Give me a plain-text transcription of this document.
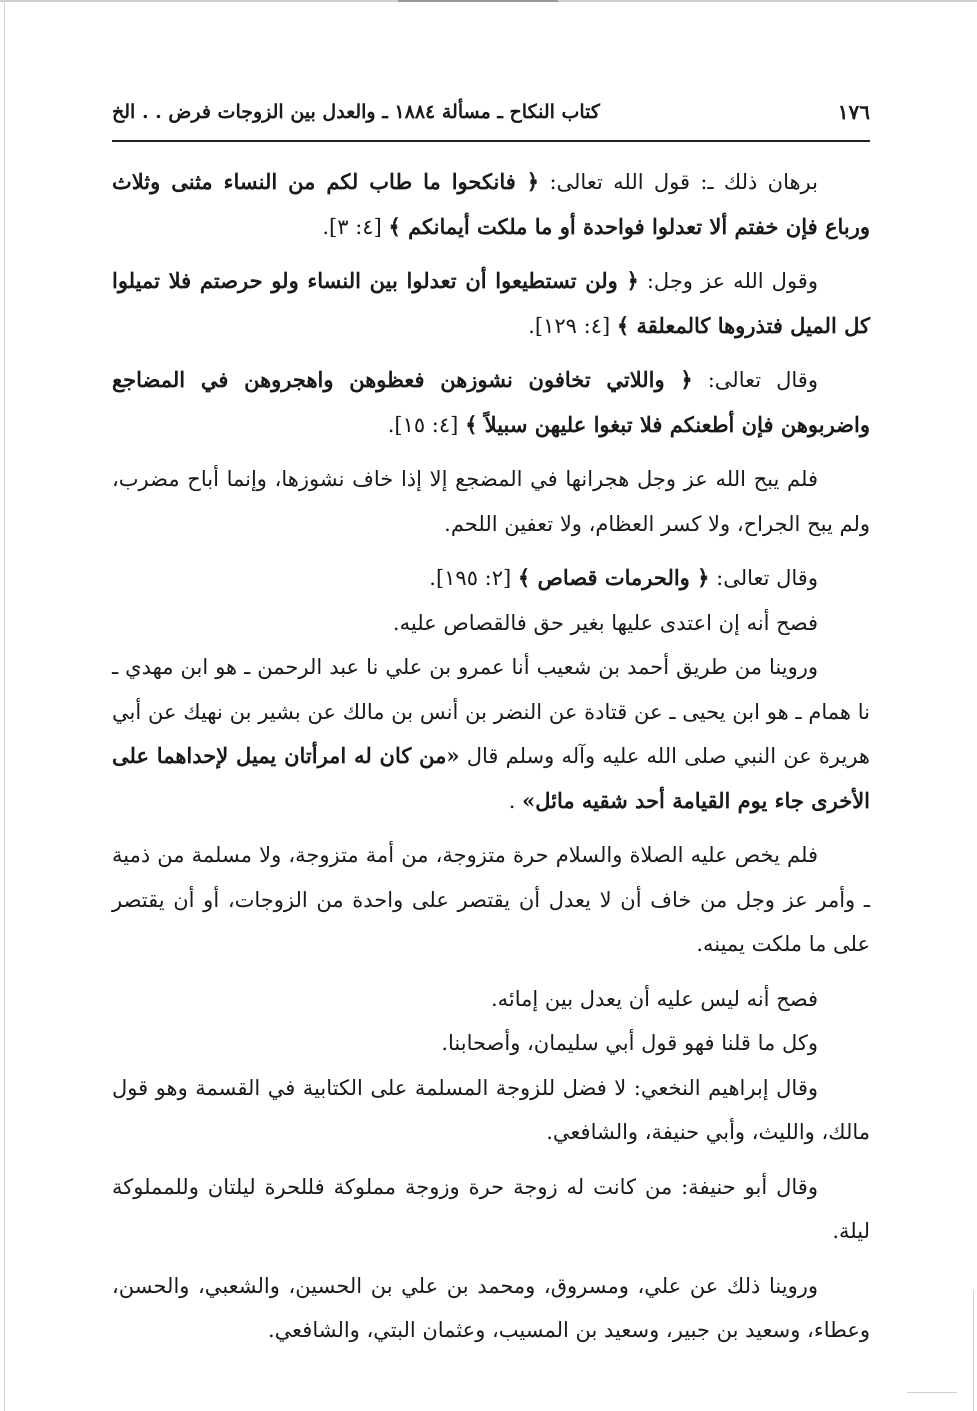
١٧٦
كتاب النكاح ـ مسألة ١٨٨٤ ـ والعدل بين الزوجات فرض . . الخ

برهان ذلك ـ: قول الله تعالى: ﴿ فانكحوا ما طاب لكم من النساء مثنى وثلاث ورباع فإن خفتم ألا تعدلوا فواحدة أو ما ملكت أيمانكم ﴾ [٤: ٣].

وقول الله عز وجل: ﴿ ولن تستطيعوا أن تعدلوا بين النساء ولو حرصتم فلا تميلوا كل الميل فتذروها كالمعلقة ﴾ [٤: ١٢٩].

وقال تعالى: ﴿ واللاتي تخافون نشوزهن فعظوهن واهجروهن في المضاجع واضربوهن فإن أطعنكم فلا تبغوا عليهن سبيلاً ﴾ [٤: ١٥].

فلم يبح الله عز وجل هجرانها في المضجع إلا إذا خاف نشوزها، وإنما أباح مضرب، ولم يبح الجراح، ولا كسر العظام، ولا تعفين اللحم.

وقال تعالى: ﴿ والحرمات قصاص ﴾ [٢: ١٩٥].

فصح أنه إن اعتدى عليها بغير حق فالقصاص عليه.

وروينا من طريق أحمد بن شعيب أنا عمرو بن علي نا عبد الرحمن ـ هو ابن مهدي ـ نا همام ـ هو ابن يحيى ـ عن قتادة عن النضر بن أنس بن مالك عن بشير بن نهيك عن أبي هريرة عن النبي صلى الله عليه وآله وسلم قال «من كان له امرأتان يميل لإحداهما على الأخرى جاء يوم القيامة أحد شقيه مائل» .

فلم يخص عليه الصلاة والسلام حرة متزوجة، من أمة متزوجة، ولا مسلمة من ذمية ـ وأمر عز وجل من خاف أن لا يعدل أن يقتصر على واحدة من الزوجات، أو أن يقتصر على ما ملكت يمينه.

فصح أنه ليس عليه أن يعدل بين إمائه.

وكل ما قلنا فهو قول أبي سليمان، وأصحابنا.

وقال إبراهيم النخعي: لا فضل للزوجة المسلمة على الكتابية في القسمة وهو قول مالك، والليث، وأبي حنيفة، والشافعي.

وقال أبو حنيفة: من كانت له زوجة حرة وزوجة مملوكة فللحرة ليلتان وللمملوكة ليلة.

وروينا ذلك عن علي، ومسروق، ومحمد بن علي بن الحسين، والشعبي، والحسن، وعطاء، وسعيد بن جبير، وسعيد بن المسيب، وعثمان البتي، والشافعي.
